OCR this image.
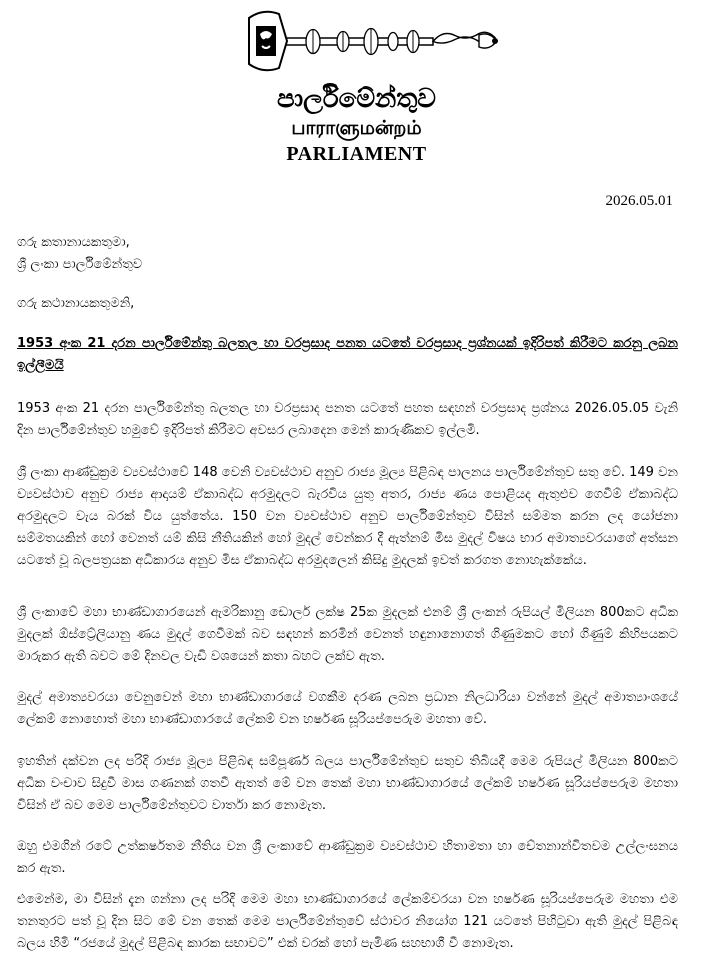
පාර්ලිමේන්තුව
பாராளுமன்றம்
PARLIAMENT
2026.05.01
ගරු කතානායකතුමා,
ශ්‍රී ලංකා පාර්ලිමේන්තුව
ගරු කථානායකතුමනි,
1953 අංක 21 දරන පාර්ලිමේන්තු බලතල හා වරප්‍රසාද පනත යටතේ වරප්‍රසාද ප්‍රශ්නයක් ඉදිරිපත් කිරීමට කරනු ලබන ඉල්ලීමයි
1953 අංක 21 දරන පාර්ලිමේන්තු බලතල හා වරප්‍රසාද පනත යටතේ පහත සඳහන් වරප්‍රසාද ප්‍රශ්නය 2026.05.05 වැනි දින පාර්ලිමේන්තුව හමුවේ ඉදිරිපත් කිරීමට අවසර ලබාදෙන මෙන් කාරුණිකව ඉල්ලමි.
ශ්‍රී ලංකා ආණ්ඩුක්‍රම ව්‍යවස්ථාවේ 148 වෙනි ව්‍යවස්ථාව අනුව රාජ්‍ය මූල්‍ය පිළිබඳ පාලනය පාර්ලිමේන්තුව සතු වේ. 149 වන ව්‍යවස්ථාව අනුව රාජ්‍ය ආදායම් ඒකාබද්ධ අරමුදලට බැරවිය යුතු අතර, රාජ්‍ය ණය පොළියද ඇතුළුව ගෙවීම් ඒකාබද්ධ අරමුදලට වැය බරක් විය යුත්තේය. 150 වන ව්‍යවස්ථාව අනුව පාර්ලිමේන්තුව විසින් සම්මත කරන ලද යෝජනා සම්මතයකින් හෝ වෙනත් යම් කිසි නීතියකින් හෝ මුදල් වෙන්කර දී ඇත්නම් මිස මුදල් විෂය භාර අමාත්‍යවරයාගේ අත්සන යටතේ වූ බලපත්‍රයක අධිකාරය අනුව මිස ඒකාබද්ධ අරමුදලෙන් කිසිදු මුදලක් ඉවත් කරගත නොහැක්කේය.
ශ්‍රී ලංකාවේ මහා භාණ්ඩාගාරයෙන් ඇමරිකානු ඩොලර් ලක්ෂ 25ක මුදලක් එනම් ශ්‍රී ලංකන් රුපියල් මිලියන 800කට අධික මුදලක් ඕස්ට්‍රේලියානු ණය මුදල් ගෙවීමක් බව සඳහන් කරමින් වෙනත් හඳුනානොගත් ගිණුමකට හෝ ගිණුම් කිහිපයකට මාරුකර ඇති බවට මේ දිනවල වැඩි වශයෙන් කතා බහට ලක්ව ඇත.
මුදල් අමාත්‍යවරයා වෙනුවෙන් මහා භාණ්ඩාගාරයේ වගකීම දරණ ලබන ප්‍රධාන නිලධාරියා වන්නේ මුදල් අමාත්‍යාංශයේ ලේකම් නොහොත් මහා භාණ්ඩාගාරයේ ලේකම් වන හර්ෂණ සූරියප්පෙරුම මහතා වේ.
ඉහතින් දක්වන ලද පරිදි රාජ්‍ය මූල්‍ය පිළිබඳ සම්පූර්ණ බලය පාර්ලිමේන්තුව සතුව තිබියදී මෙම රුපියල් මිලියන 800කට අධික වංචාව සිදුවී මාස ගණනක් ගතවී ඇතත් මේ වන තෙක් මහා භාණ්ඩාගාරයේ ලේකම් හර්ෂණ සූරියප්පෙරුම මහතා විසින් ඒ බව මෙම පාර්ලිමේන්තුවට වාර්තා කර නොමැත.
ඔහු එමගින් රටේ උත්කර්ෂතම නීතිය වන ශ්‍රී ලංකාවේ ආණ්ඩුක්‍රම ව්‍යවස්ථාව හිතාමතා හා චේතනාන්විතවම උල්ලංඝනය කර ඇත.
එමෙන්ම, මා විසින් දැන ගන්නා ලද පරිදි මෙම මහා භාණ්ඩාගාරයේ ලේකම්වරයා වන හර්ෂණ සූරියප්පෙරුම මහතා එම තනතුරට පත් වූ දින සිට මේ වන තෙක් මෙම පාර්ලිමේන්තුවේ ස්ථාවර නියෝග 121 යටතේ පිහිටුවා ඇති මුදල් පිළිබඳ බලය හිමි “රජයේ මුදල් පිළිබඳ කාරක සභාවට” එක් වරක් හෝ පැමිණ සහභාගී වී නොමැත.
